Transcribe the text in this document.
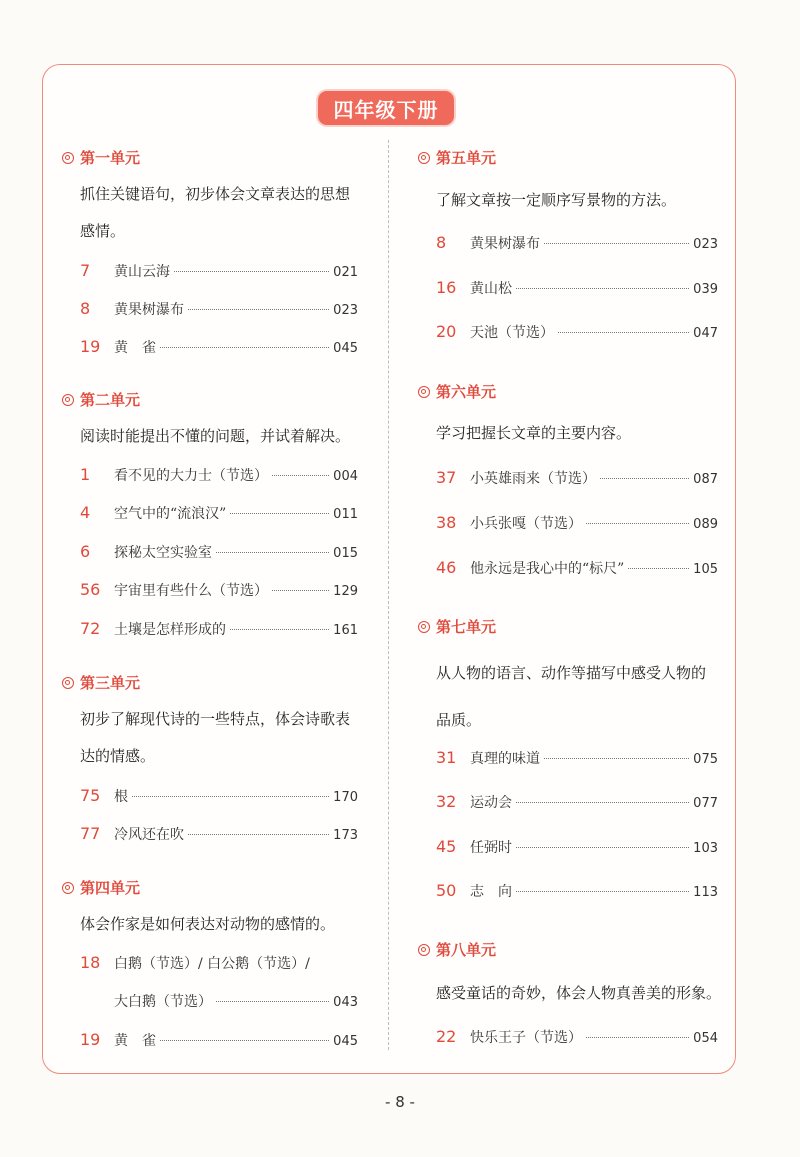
四年级下册
第一单元
抓住关键语句，初步体会文章表达的思想
感情。
7	黄山云海	021
8	黄果树瀑布	023
19 黄　雀	045
第二单元
阅读时能提出不懂的问题，并试着解决。
1	看不见的大力士（节选）	004
4	空气中的“流浪汉”	011
6	探秘太空实验室	015
56 宇宙里有些什么（节选）	129
72 土壤是怎样形成的	161
第三单元
初步了解现代诗的一些特点，体会诗歌表
达的情感。
75 根	170
77 冷风还在吹	173
第四单元
体会作家是如何表达对动物的感情的。
18 白鹅（节选）/ 白公鹅（节选）/
大白鹅（节选）	043
19 黄　雀	045
第五单元
了解文章按一定顺序写景物的方法。
8	黄果树瀑布	023
16 黄山松	039
20 天池（节选）	047
第六单元
学习把握长文章的主要内容。
37 小英雄雨来（节选）	087
38 小兵张嘎（节选）	089
46 他永远是我心中的“标尺”	105
第七单元
从人物的语言、动作等描写中感受人物的
品质。
31 真理的味道	075
32 运动会	077
45 任弼时	103
50 志　向	113
第八单元
感受童话的奇妙，体会人物真善美的形象。
22 快乐王子（节选）	054
- 8 -
